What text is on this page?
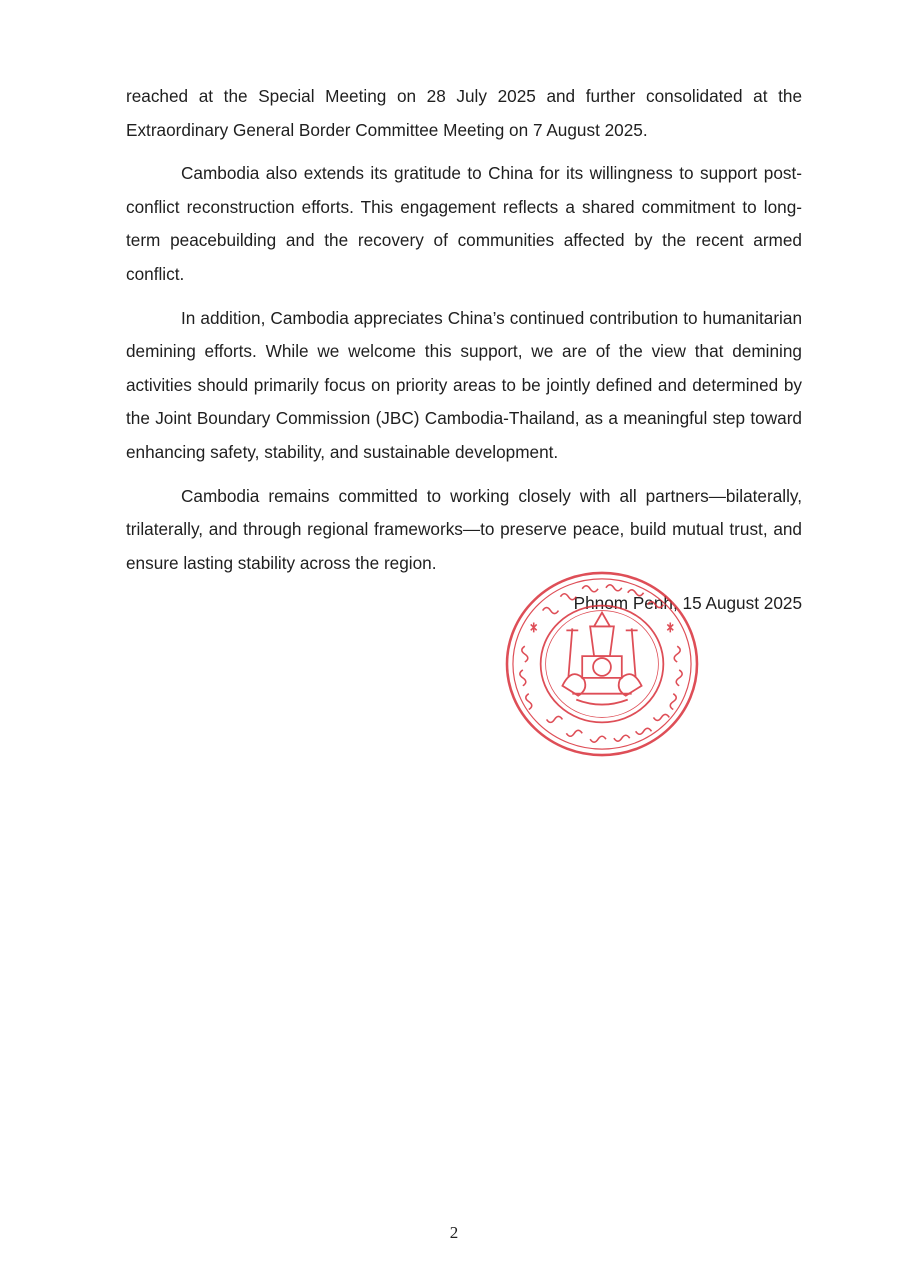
reached at the Special Meeting on 28 July 2025 and further consolidated at the Extraordinary General Border Committee Meeting on 7 August 2025.

Cambodia also extends its gratitude to China for its willingness to support post-conflict reconstruction efforts. This engagement reflects a shared commitment to long-term peacebuilding and the recovery of communities affected by the recent armed conflict.

In addition, Cambodia appreciates China’s continued contribution to humanitarian demining efforts. While we welcome this support, we are of the view that demining activities should primarily focus on priority areas to be jointly defined and determined by the Joint Boundary Commission (JBC) Cambodia-Thailand, as a meaningful step toward enhancing safety, stability, and sustainable development.

Cambodia remains committed to working closely with all partners—bilaterally, trilaterally, and through regional frameworks—to preserve peace, build mutual trust, and ensure lasting stability across the region.

Phnom Penh, 15 August 2025
2
